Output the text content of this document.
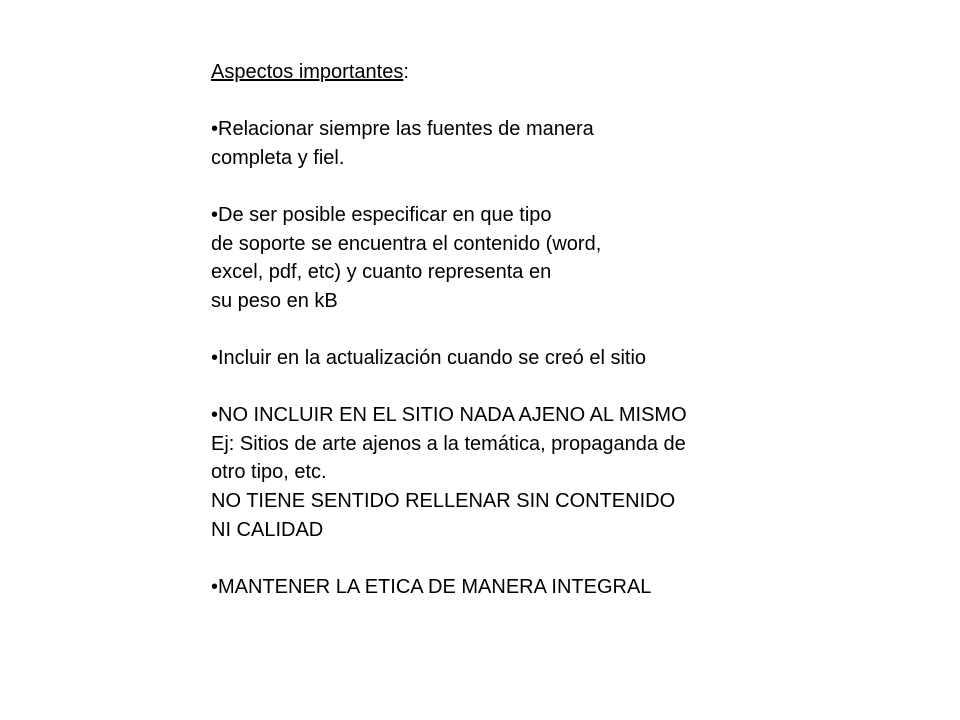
Aspectos importantes:
•Relacionar siempre las fuentes de manera
completa y fiel.
•De ser posible especificar en que tipo
de soporte se encuentra el contenido (word,
excel, pdf, etc) y cuanto representa en
su peso en kB
•Incluir en la actualización cuando se creó el sitio
•NO INCLUIR EN EL SITIO NADA AJENO AL MISMO
Ej: Sitios de arte ajenos a la temática, propaganda de
otro tipo, etc.
NO TIENE SENTIDO RELLENAR SIN CONTENIDO
NI CALIDAD
•MANTENER LA ETICA DE MANERA INTEGRAL
